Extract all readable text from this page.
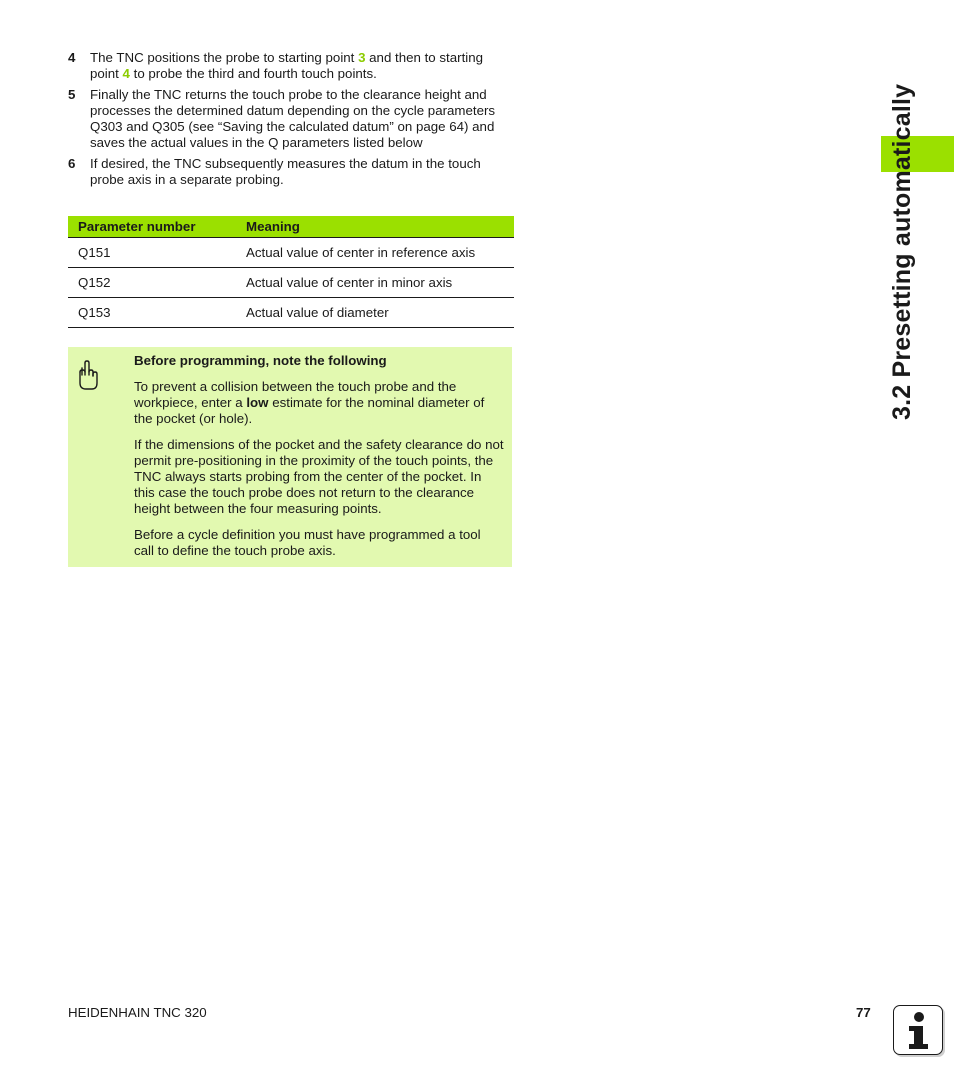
4	The TNC positions the probe to starting point 3 and then to starting point 4 to probe the third and fourth touch points.
5	Finally the TNC returns the touch probe to the clearance height and processes the determined datum depending on the cycle parameters Q303 and Q305 (see “Saving the calculated datum” on page 64) and saves the actual values in the Q parameters listed below
6	If desired, the TNC subsequently measures the datum in the touch probe axis in a separate probing.
Parameter number	Meaning
Q151	Actual value of center in reference axis
Q152	Actual value of center in minor axis
Q153	Actual value of diameter
Before programming, note the following

To prevent a collision between the touch probe and the workpiece, enter a low estimate for the nominal diameter of the pocket (or hole).

If the dimensions of the pocket and the safety clearance do not permit pre-positioning in the proximity of the touch points, the TNC always starts probing from the center of the pocket. In this case the touch probe does not return to the clearance height between the four measuring points.

Before a cycle definition you must have programmed a tool call to define the touch probe axis.

3.2 Presetting automatically
HEIDENHAIN TNC 320	77
